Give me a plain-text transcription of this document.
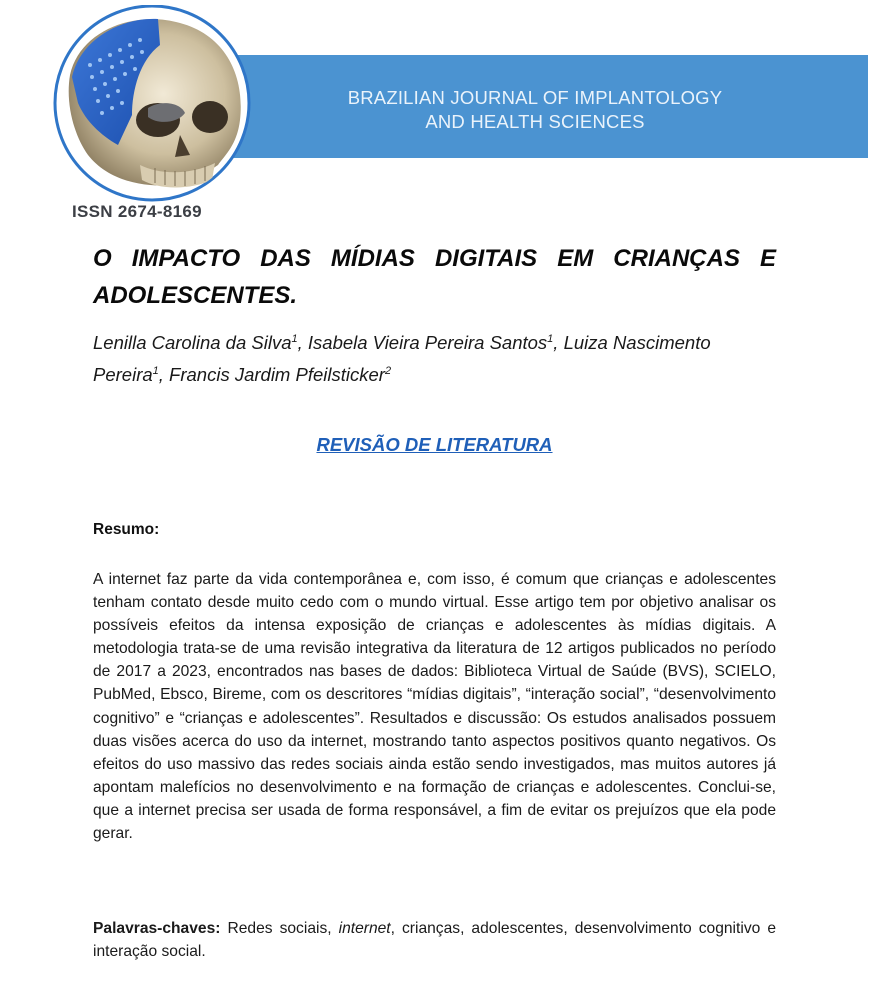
BRAZILIAN JOURNAL OF IMPLANTOLOGY
AND HEALTH SCIENCES
ISSN 2674-8169
O IMPACTO DAS MÍDIAS DIGITAIS EM CRIANÇAS E ADOLESCENTES.
Lenilla Carolina da Silva$^1$, Isabela Vieira Pereira Santos$^1$, Luiza Nascimento Pereira$^1$, Francis Jardim Pfeilsticker$^2$
REVISÃO DE LITERATURA
Resumo:

A internet faz parte da vida contemporânea e, com isso, é comum que crianças e adolescentes tenham contato desde muito cedo com o mundo virtual. Esse artigo tem por objetivo analisar os possíveis efeitos da intensa exposição de crianças e adolescentes às mídias digitais. A metodologia trata-se de uma revisão integrativa da literatura de 12 artigos publicados no período de 2017 a 2023, encontrados nas bases de dados: Biblioteca Virtual de Saúde (BVS), SCIELO, PubMed, Ebsco, Bireme, com os descritores “mídias digitais”, “interação social”, “desenvolvimento cognitivo” e “crianças e adolescentes”. Resultados e discussão: Os estudos analisados possuem duas visões acerca do uso da internet, mostrando tanto aspectos positivos quanto negativos. Os efeitos do uso massivo das redes sociais ainda estão sendo investigados, mas muitos autores já apontam malefícios no desenvolvimento e na formação de crianças e adolescentes. Conclui-se, que a internet precisa ser usada de forma responsável, a fim de evitar os prejuízos que ela pode gerar.

Palavras-chaves: Redes sociais, internet, crianças, adolescentes, desenvolvimento cognitivo e interação social.
